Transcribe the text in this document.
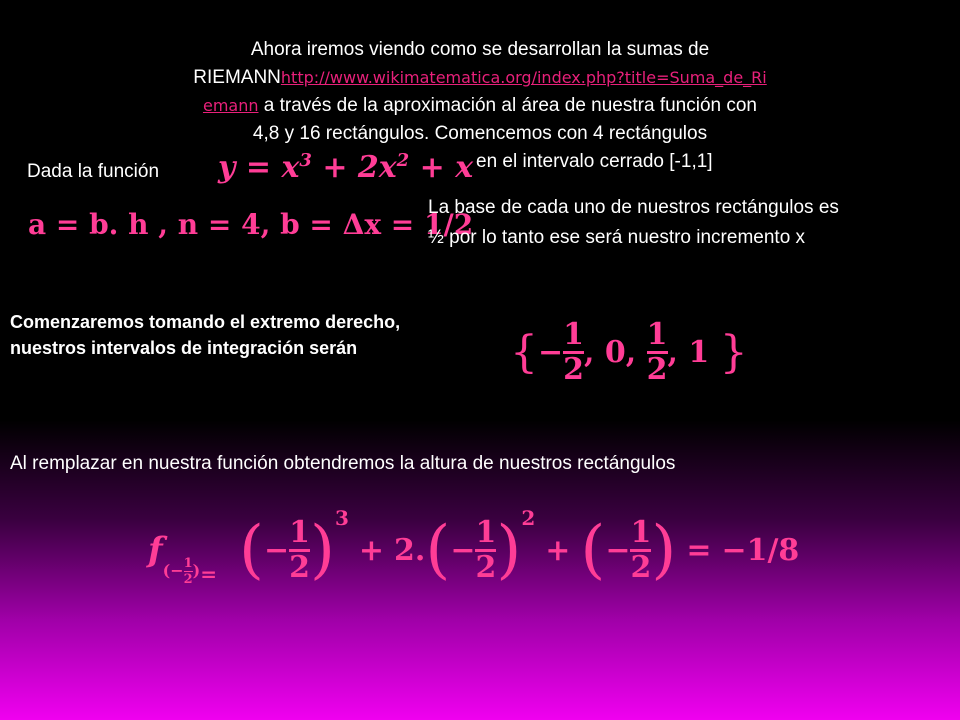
Ahora iremos viendo como se desarrollan la sumas de
RIEMANNhttp://www.wikimatematica.org/index.php?title=Suma_de_Ri
emann a través de la aproximación al área de nuestra función con
4,8 y 16 rectángulos. Comencemos con 4 rectángulos
en el intervalo cerrado [-1,1]
Dada la función $y = x^3 + 2x^2 + x$
a = b. h , n = 4, b = Δx = 1/2
La base de cada uno de nuestros rectángulos es
½ por lo tanto ese será nuestro incremento x
Comenzaremos tomando el extremo derecho,
nuestros intervalos de integración serán	{ − $\frac{1}{2}$ , 0, $\frac{1}{2}$ , 1 }
Al remplazar en nuestra función obtendremos la altura de nuestros rectángulos
f
(− $\frac{1}{2}$ ) = ( − $\frac{1}{2}$ ) 3
+ 2. ( − $\frac{1}{2}$ ) 2
+ ( − $\frac{1}{2}$ ) = −1/8
